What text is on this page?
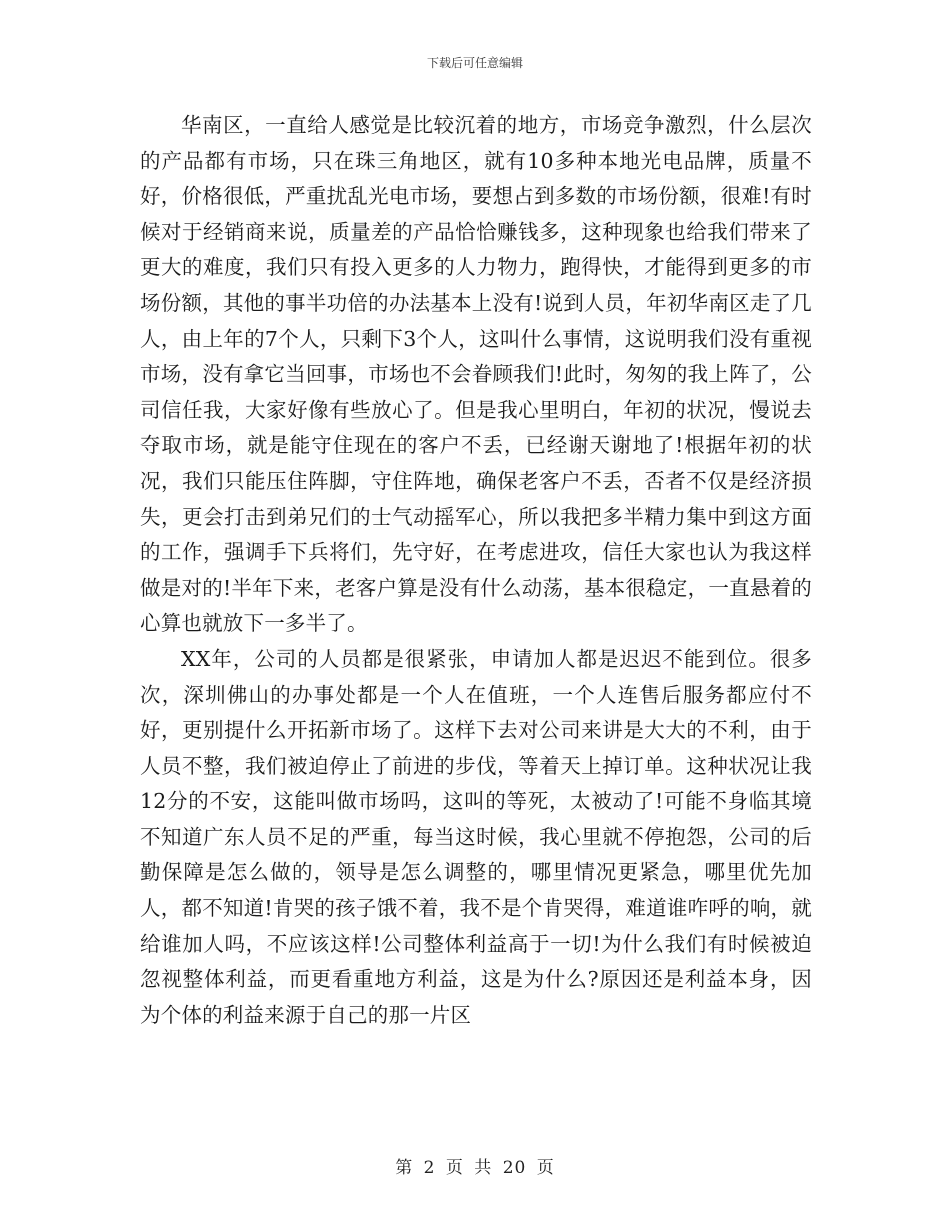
下载后可任意编辑

华南区，一直给人感觉是比较沉着的地方，市场竞争激烈，什么层次的产品都有市场，只在珠三角地区，就有10多种本地光电品牌，质量不好，价格很低，严重扰乱光电市场，要想占到多数的市场份额，很难!有时候对于经销商来说，质量差的产品恰恰赚钱多，这种现象也给我们带来了更大的难度，我们只有投入更多的人力物力，跑得快，才能得到更多的市场份额，其他的事半功倍的办法基本上没有!说到人员，年初华南区走了几人，由上年的7个人，只剩下3个人，这叫什么事情，这说明我们没有重视市场，没有拿它当回事，市场也不会眷顾我们!此时，匆匆的我上阵了，公司信任我，大家好像有些放心了。但是我心里明白，年初的状况，慢说去夺取市场，就是能守住现在的客户不丢，已经谢天谢地了!根据年初的状况，我们只能压住阵脚，守住阵地，确保老客户不丢，否者不仅是经济损失，更会打击到弟兄们的士气动摇军心，所以我把多半精力集中到这方面的工作，强调手下兵将们，先守好，在考虑进攻，信任大家也认为我这样做是对的!半年下来，老客户算是没有什么动荡，基本很稳定，一直悬着的心算也就放下一多半了。

XX年，公司的人员都是很紧张，申请加人都是迟迟不能到位。很多次，深圳佛山的办事处都是一个人在值班，一个人连售后服务都应付不好，更别提什么开拓新市场了。这样下去对公司来讲是大大的不利，由于人员不整，我们被迫停止了前进的步伐，等着天上掉订单。这种状况让我12分的不安，这能叫做市场吗，这叫的等死，太被动了!可能不身临其境不知道广东人员不足的严重，每当这时候，我心里就不停抱怨，公司的后勤保障是怎么做的，领导是怎么调整的，哪里情况更紧急，哪里优先加人，都不知道!肯哭的孩子饿不着，我不是个肯哭得，难道谁咋呼的响，就给谁加人吗，不应该这样!公司整体利益高于一切!为什么我们有时候被迫忽视整体利益，而更看重地方利益，这是为什么?原因还是利益本身，因为个体的利益来源于自己的那一片区

第 2 页 共 20 页
